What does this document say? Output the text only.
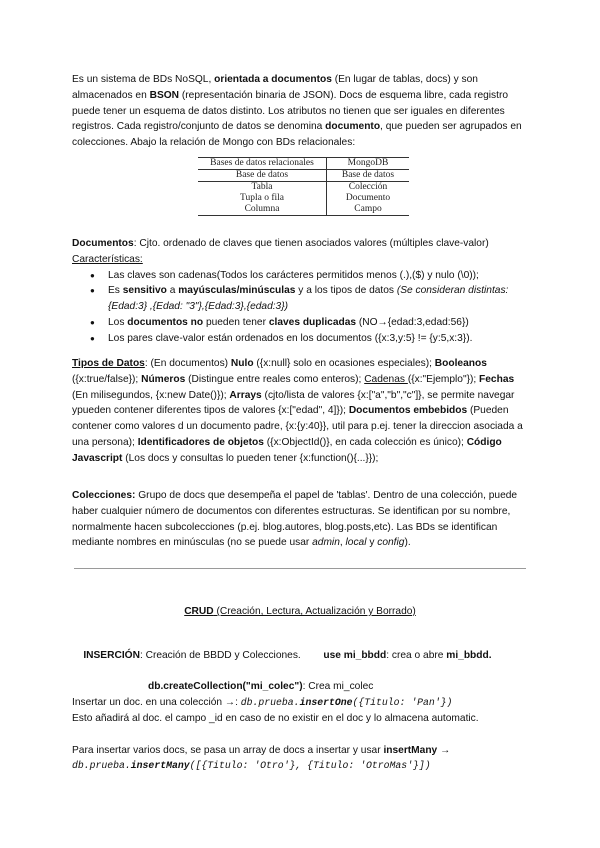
Es un sistema de BDs NoSQL, orientada a documentos (En lugar de tablas, docs) y son almacenados en BSON (representación binaria de JSON). Docs de esquema libre, cada registro puede tener un esquema de datos distinto. Los atributos no tienen que ser iguales en diferentes registros. Cada registro/conjunto de datos se denomina documento, que pueden ser agrupados en colecciones. Abajo la relación de Mongo con BDs relacionales:

Bases de datos relacionales	MongoDB
Base de datos	Base de datos
Tabla	Colección
Tupla o fila	Documento
Columna	Campo

Documentos: Cjto. ordenado de claves que tienen asociados valores (múltiples clave-valor)

Características:

● Las claves son cadenas(Todos los carácteres permitidos menos (.),($) y nulo (\0));
● Es sensitivo a mayúsculas/minúsculas y a los tipos de datos (Se consideran distintas: {Edad:3} ,{Edad: "3"},{Edad:3},{edad:3})
● Los documentos no pueden tener claves duplicadas (NO→{edad:3,edad:56})
● Los pares clave-valor están ordenados en los documentos ({x:3,y:5} != {y:5,x:3}).

Tipos de Datos: (En documentos) Nulo ({x:null} solo en ocasiones especiales); Booleanos ({x:true/false}); Números (Distingue entre reales como enteros); Cadenas ({x:"Ejemplo"}); Fechas (En milisegundos, {x:new Date()}); Arrays (cjto/lista de valores {x:["a","b","c"]}, se permite navegar ypueden contener diferentes tipos de valores {x:["edad", 4]}); Documentos embebidos (Pueden contener como valores d un documento padre, {x:{y:40}}, util para p.ej. tener la direccion asociada a una persona); Identificadores de objetos ({x:ObjectId()}, en cada colección es único); Código Javascript (Los docs y consultas lo pueden tener {x:function(){...}});

Colecciones: Grupo de docs que desempeña el papel de 'tablas'. Dentro de una colección, puede haber cualquier número de documentos con diferentes estructuras. Se identifican por su nombre, normalmente hacen subcolecciones (p.ej. blog.autores, blog.posts,etc). Las BDs se identifican mediante nombres en minúsculas (no se puede usar admin, local y config).

CRUD (Creación, Lectura, Actualización y Borrado)

INSERCIÓN: Creación de BBDD y Colecciones.        use mi_bbdd: crea o abre mi_bbdd.

db.createCollection("mi_colec"): Crea mi_colec

Insertar un doc. en una colección →: db.prueba.insertOne({Titulo: 'Pan'})

Esto añadirá al doc. el campo _id en caso de no existir en el doc y lo almacena automatic.

Para insertar varios docs, se pasa un array de docs a insertar y usar insertMany →

db.prueba.insertMany([{Titulo: 'Otro'}, {Titulo: 'OtroMas'}])
